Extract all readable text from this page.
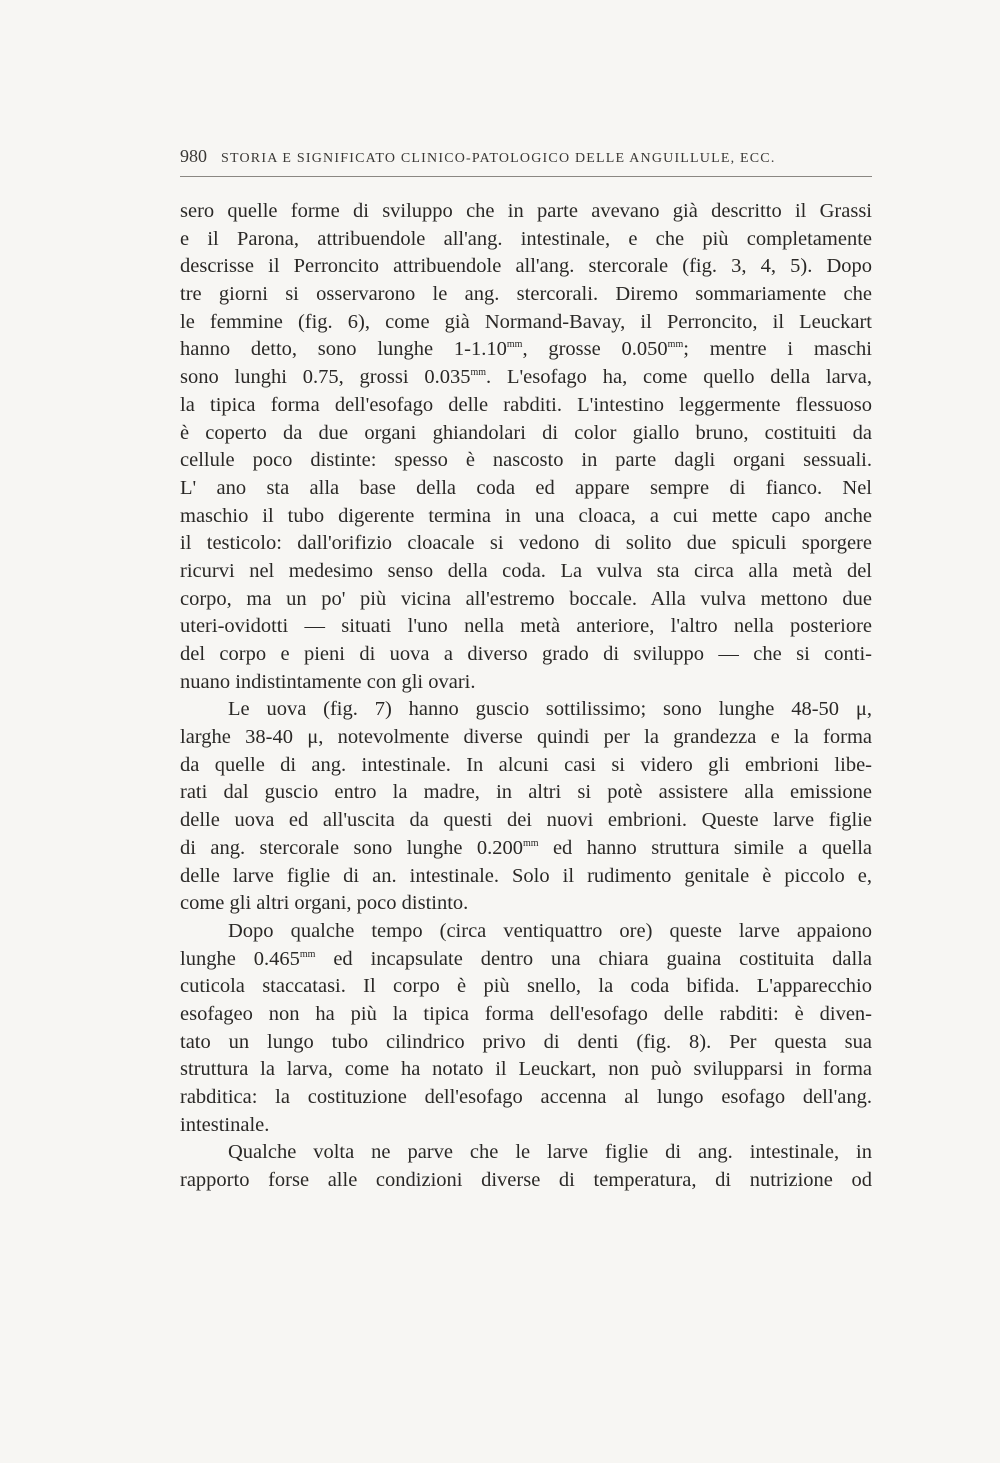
980 STORIA E SIGNIFICATO CLINICO-PATOLOGICO DELLE ANGUILLULE, ECC.
sero quelle forme di sviluppo che in parte avevano già descritto il Grassi
e il Parona, attribuendole all'ang. intestinale, e che più completamente
descrisse il Perroncito attribuendole all'ang. stercorale (fig. 3, 4, 5). Dopo
tre giorni si osservarono le ang. stercorali. Diremo sommariamente che
le femmine (fig. 6), come già Normand-Bavay, il Perroncito, il Leuckart
hanno detto, sono lunghe $1-1.10^{mm}$, grosse $0.050^{mm}$; mentre i maschi
sono lunghi 0.75, grossi $0.035^{mm}$. L'esofago ha, come quello della larva,
la tipica forma dell'esofago delle rabditi. L'intestino leggermente flessuoso
è coperto da due organi ghiandolari di color giallo bruno, costituiti da
cellule poco distinte: spesso è nascosto in parte dagli organi sessuali.
L' ano sta alla base della coda ed appare sempre di fianco. Nel
maschio il tubo digerente termina in una cloaca, a cui mette capo anche
il testicolo: dall'orifizio cloacale si vedono di solito due spiculi sporgere
ricurvi nel medesimo senso della coda. La vulva sta circa alla metà del
corpo, ma un po' più vicina all'estremo boccale. Alla vulva mettono due
uteri-ovidotti — situati l'uno nella metà anteriore, l'altro nella posteriore
del corpo e pieni di uova a diverso grado di sviluppo — che si conti-
nuano indistintamente con gli ovari.
Le uova (fig. 7) hanno guscio sottilissimo; sono lunghe 48-50 μ,
larghe 38-40 μ, notevolmente diverse quindi per la grandezza e la forma
da quelle di ang. intestinale. In alcuni casi si videro gli embrioni libe-
rati dal guscio entro la madre, in altri si potè assistere alla emissione
delle uova ed all'uscita da questi dei nuovi embrioni. Queste larve figlie
di ang. stercorale sono lunghe $0.200^{mm}$ ed hanno struttura simile a quella
delle larve figlie di an. intestinale. Solo il rudimento genitale è piccolo e,
come gli altri organi, poco distinto.
Dopo qualche tempo (circa ventiquattro ore) queste larve appaiono
lunghe $0.465^{mm}$ ed incapsulate dentro una chiara guaina costituita dalla
cuticola staccatasi. Il corpo è più snello, la coda bifida. L'apparecchio
esofageo non ha più la tipica forma dell'esofago delle rabditi: è diven-
tato un lungo tubo cilindrico privo di denti (fig. 8). Per questa sua
struttura la larva, come ha notato il Leuckart, non può svilupparsi in forma
rabditica: la costituzione dell'esofago accenna al lungo esofago dell'ang.
intestinale.
Qualche volta ne parve che le larve figlie di ang. intestinale, in
rapporto forse alle condizioni diverse di temperatura, di nutrizione od
